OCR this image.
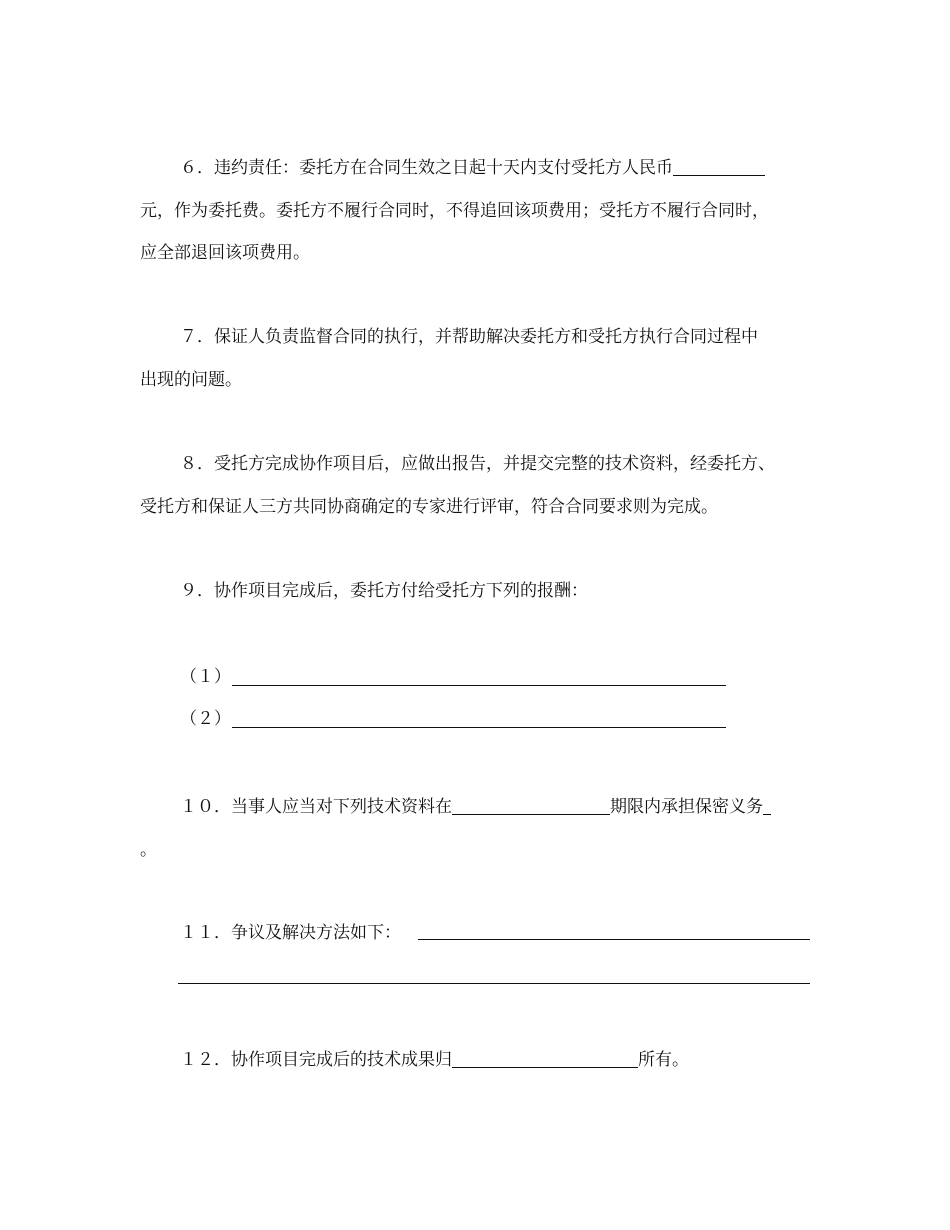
６．违约责任：委托方在合同生效之日起十天内支付受托方人民币
元，作为委托费。委托方不履行合同时，不得追回该项费用；受托方不履行合同时，
应全部退回该项费用。
７．保证人负责监督合同的执行，并帮助解决委托方和受托方执行合同过程中
出现的问题。
８．受托方完成协作项目后，应做出报告，并提交完整的技术资料，经委托方、
受托方和保证人三方共同协商确定的专家进行评审，符合合同要求则为完成。
９．协作项目完成后，委托方付给受托方下列的报酬：
（１）
（２）
１０．当事人应当对下列技术资料在	期限内承担保密义务
。
１１．争议及解决方法如下：
１２．协作项目完成后的技术成果归	所有。
